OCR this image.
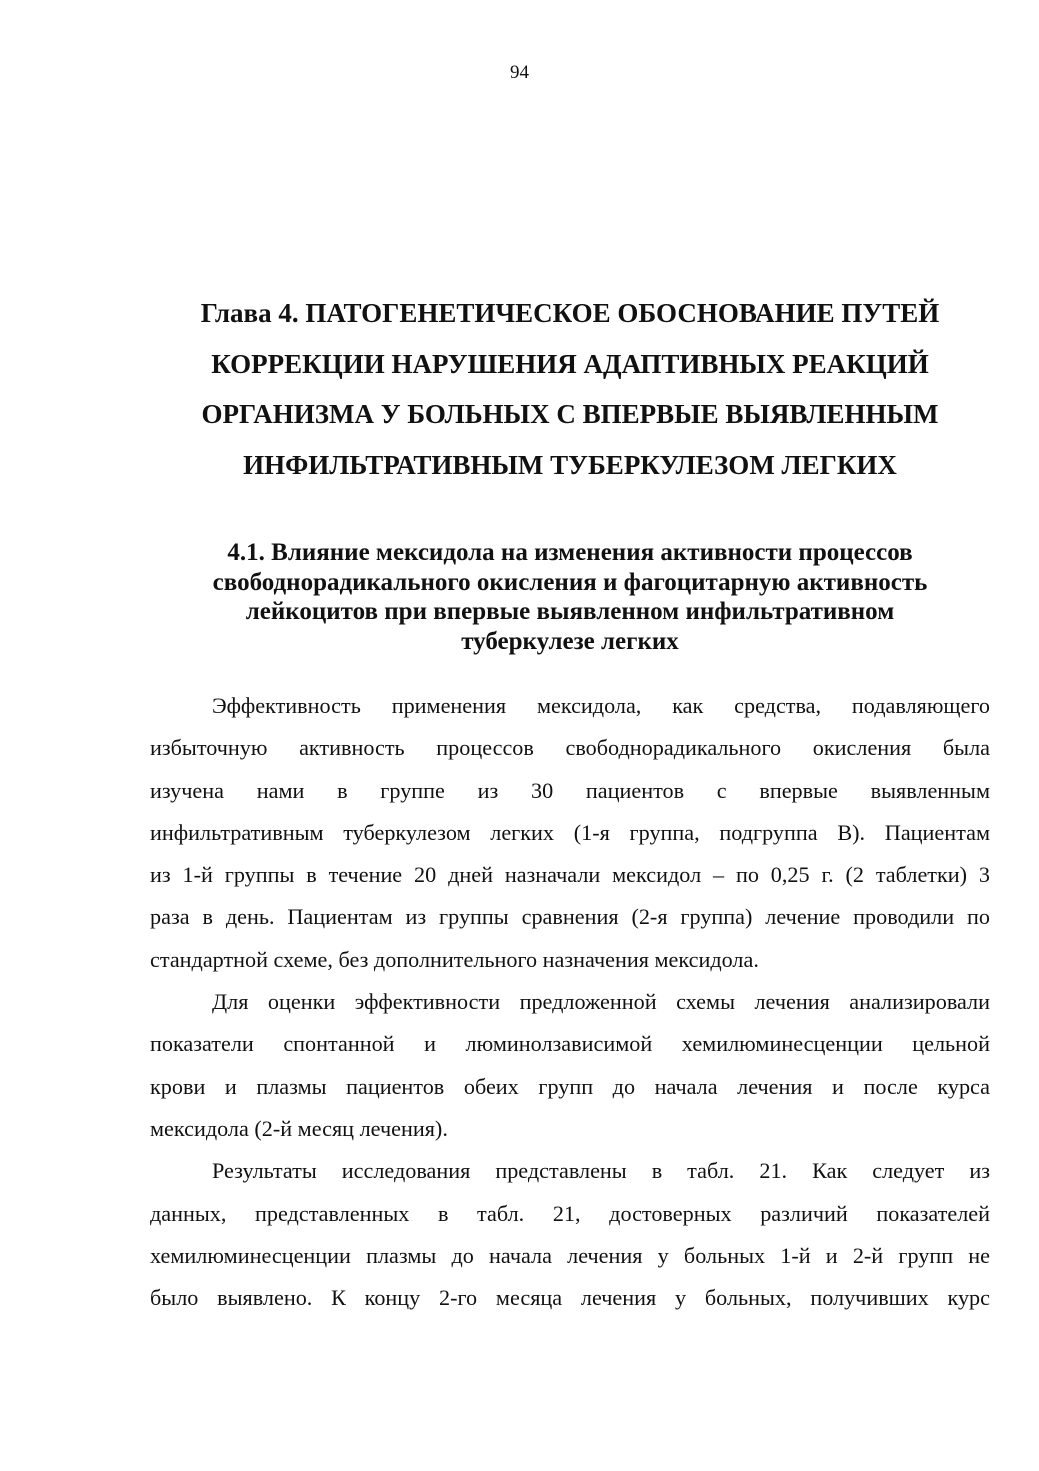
94
Глава 4. ПАТОГЕНЕТИЧЕСКОЕ ОБОСНОВАНИЕ ПУТЕЙ
КОРРЕКЦИИ НАРУШЕНИЯ АДАПТИВНЫХ РЕАКЦИЙ
ОРГАНИЗМА У БОЛЬНЫХ С ВПЕРВЫЕ ВЫЯВЛЕННЫМ
ИНФИЛЬТРАТИВНЫМ ТУБЕРКУЛЕЗОМ ЛЕГКИХ
4.1. Влияние мексидола на изменения активности процессов
свободнорадикального окисления и фагоцитарную активность
лейкоцитов при впервые выявленном инфильтративном
туберкулезе легких

Эффективность применения мексидола, как средства, подавляющего
избыточную активность процессов свободнорадикального окисления была
изучена нами в группе из 30 пациентов с впервые выявленным
инфильтративным туберкулезом легких (1-я группа, подгруппа В). Пациентам
из 1-й группы в течение 20 дней назначали мексидол – по 0,25 г. (2 таблетки) 3
раза в день. Пациентам из группы сравнения (2-я группа) лечение проводили по
стандартной схеме, без дополнительного назначения мексидола.

Для оценки эффективности предложенной схемы лечения анализировали
показатели спонтанной и люминолзависимой хемилюминесценции цельной
крови и плазмы пациентов обеих групп до начала лечения и после курса
мексидола (2-й месяц лечения).

Результаты исследования представлены в табл. 21. Как следует из
данных, представленных в табл. 21, достоверных различий показателей
хемилюминесценции плазмы до начала лечения у больных 1-й и 2-й групп не
было выявлено. К концу 2-го месяца лечения у больных, получивших курс
